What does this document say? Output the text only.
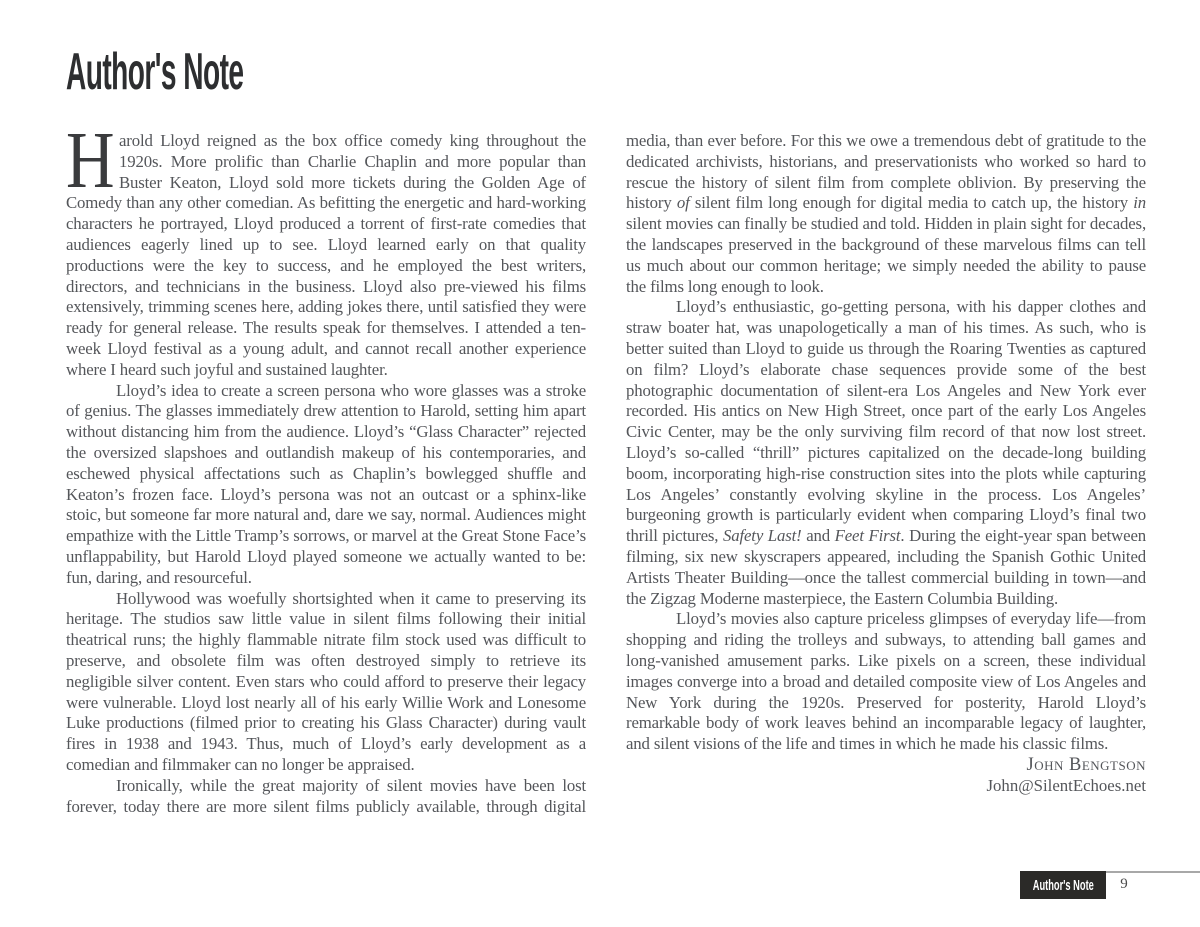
Author's Note

Harold Lloyd reigned as the box office comedy king throughout the 1920s. More prolific than Charlie Chaplin and more popular than Buster Keaton, Lloyd sold more tickets during the Golden Age of Comedy than any other comedian. As befitting the energetic and hard-working characters he portrayed, Lloyd produced a torrent of first-rate comedies that audiences eagerly lined up to see. Lloyd learned early on that quality productions were the key to success, and he employed the best writers, directors, and technicians in the business. Lloyd also pre-viewed his films extensively, trimming scenes here, adding jokes there, until satisfied they were ready for general release. The results speak for themselves. I attended a ten-week Lloyd festival as a young adult, and cannot recall another experience where I heard such joyful and sustained laughter.

Lloyd’s idea to create a screen persona who wore glasses was a stroke of genius. The glasses immediately drew attention to Harold, setting him apart without distancing him from the audience. Lloyd’s “Glass Character” rejected the oversized slapshoes and outlandish makeup of his contemporaries, and eschewed physical affectations such as Chaplin’s bowlegged shuffle and Keaton’s frozen face. Lloyd’s persona was not an outcast or a sphinx-like stoic, but someone far more natural and, dare we say, normal. Audiences might empathize with the Little Tramp’s sorrows, or marvel at the Great Stone Face’s unflappability, but Harold Lloyd played someone we actually wanted to be: fun, daring, and resourceful.

Hollywood was woefully shortsighted when it came to preserving its heritage. The studios saw little value in silent films following their initial theatrical runs; the highly flammable nitrate film stock used was difficult to preserve, and obsolete film was often destroyed simply to retrieve its negligible silver content. Even stars who could afford to preserve their legacy were vulnerable. Lloyd lost nearly all of his early Willie Work and Lonesome Luke productions (filmed prior to creating his Glass Character) during vault fires in 1938 and 1943. Thus, much of Lloyd’s early development as a comedian and filmmaker can no longer be appraised.

Ironically, while the great majority of silent movies have been lost forever, today there are more silent films publicly available, through digital

media, than ever before. For this we owe a tremendous debt of gratitude to the dedicated archivists, historians, and preservationists who worked so hard to rescue the history of silent film from complete oblivion. By preserving the history of silent film long enough for digital media to catch up, the history in silent movies can finally be studied and told. Hidden in plain sight for decades, the landscapes preserved in the background of these marvelous films can tell us much about our common heritage; we simply needed the ability to pause the films long enough to look.

Lloyd’s enthusiastic, go-getting persona, with his dapper clothes and straw boater hat, was unapologetically a man of his times. As such, who is better suited than Lloyd to guide us through the Roaring Twenties as captured on film? Lloyd’s elaborate chase sequences provide some of the best photographic documentation of silent-era Los Angeles and New York ever recorded. His antics on New High Street, once part of the early Los Angeles Civic Center, may be the only surviving film record of that now lost street. Lloyd’s so-called “thrill” pictures capitalized on the decade-long building boom, incorporating high-rise construction sites into the plots while capturing Los Angeles’ constantly evolving skyline in the process. Los Angeles’ burgeoning growth is particularly evident when comparing Lloyd’s final two thrill pictures, Safety Last! and Feet First. During the eight-year span between filming, six new skyscrapers appeared, including the Spanish Gothic United Artists Theater Building—once the tallest commercial building in town—and the Zigzag Moderne masterpiece, the Eastern Columbia Building.

Lloyd’s movies also capture priceless glimpses of everyday life—from shopping and riding the trolleys and subways, to attending ball games and long-vanished amusement parks. Like pixels on a screen, these individual images converge into a broad and detailed composite view of Los Angeles and New York during the 1920s. Preserved for posterity, Harold Lloyd’s remarkable body of work leaves behind an incomparable legacy of laughter, and silent visions of the life and times in which he made his classic films.

John Bengtson
John@SilentEchoes.net

Author's Note	9
